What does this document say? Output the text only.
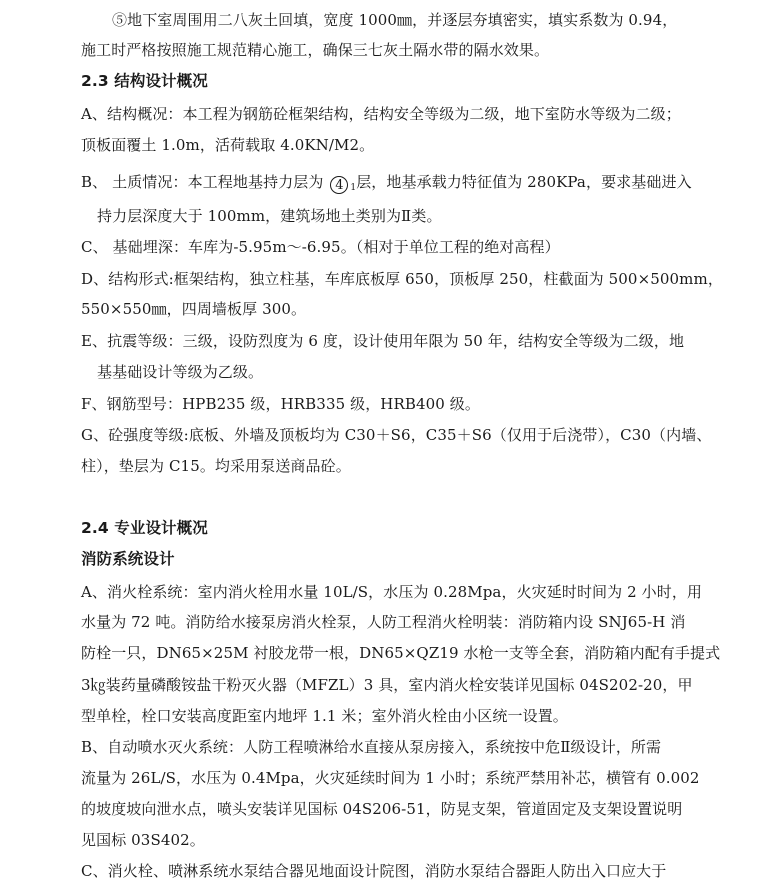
⑤地下室周围用二八灰土回填，宽度 1000㎜，并逐层夯填密实，填实系数为 0.94，

施工时严格按照施工规范精心施工，确保三七灰土隔水带的隔水效果。

2.3 结构设计概况

A、结构概况：本工程为钢筋砼框架结构，结构安全等级为二级，地下室防水等级为二级；

顶板面覆土 1.0m，活荷载取 4.0KN/M2。

B、 土质情况：本工程地基持力层为 4 $_1$层，地基承载力特征值为 280KPa，要求基础进入

持力层深度大于 100mm，建筑场地土类别为Ⅱ类。

C、 基础埋深：车库为-5.95m～-6.95。（相对于单位工程的绝对高程）

D、结构形式:框架结构，独立柱基，车库底板厚 650，顶板厚 250，柱截面为 500×500mm，

550×550㎜，四周墙板厚 300。

E、抗震等级：三级，设防烈度为 6 度，设计使用年限为 50 年，结构安全等级为二级，地

基基础设计等级为乙级。

F、钢筋型号：HPB235 级，HRB335 级，HRB400 级。

G、砼强度等级:底板、外墙及顶板均为 C30＋S6，C35＋S6（仅用于后浇带），C30（内墙、

柱），垫层为 C15。均采用泵送商品砼。

2.4 专业设计概况

消防系统设计

A、消火栓系统：室内消火栓用水量 10L/S，水压为 0.28Mpa，火灾延时时间为 2 小时，用

水量为 72 吨。消防给水接泵房消火栓泵，人防工程消火栓明装：消防箱内设 SNJ65-H 消

防栓一只，DN65×25M 衬胶龙带一根，DN65×QZ19 水枪一支等全套，消防箱内配有手提式

3㎏装药量磷酸铵盐干粉灭火器（MFZL）3 具，室内消火栓安装详见国标 04S202-20，甲

型单栓，栓口安装高度距室内地坪 1.1 米；室外消火栓由小区统一设置。

B、自动喷水灭火系统：人防工程喷淋给水直接从泵房接入，系统按中危Ⅱ级设计，所需

流量为 26L/S，水压为 0.4Mpa，火灾延续时间为 1 小时；系统严禁用补芯，横管有 0.002

的坡度坡向泄水点，喷头安装详见国标 04S206-51，防晃支架，管道固定及支架设置说明

见国标 03S402。

C、消火栓、喷淋系统水泵结合器见地面设计院图，消防水泵结合器距人防出入口应大于
